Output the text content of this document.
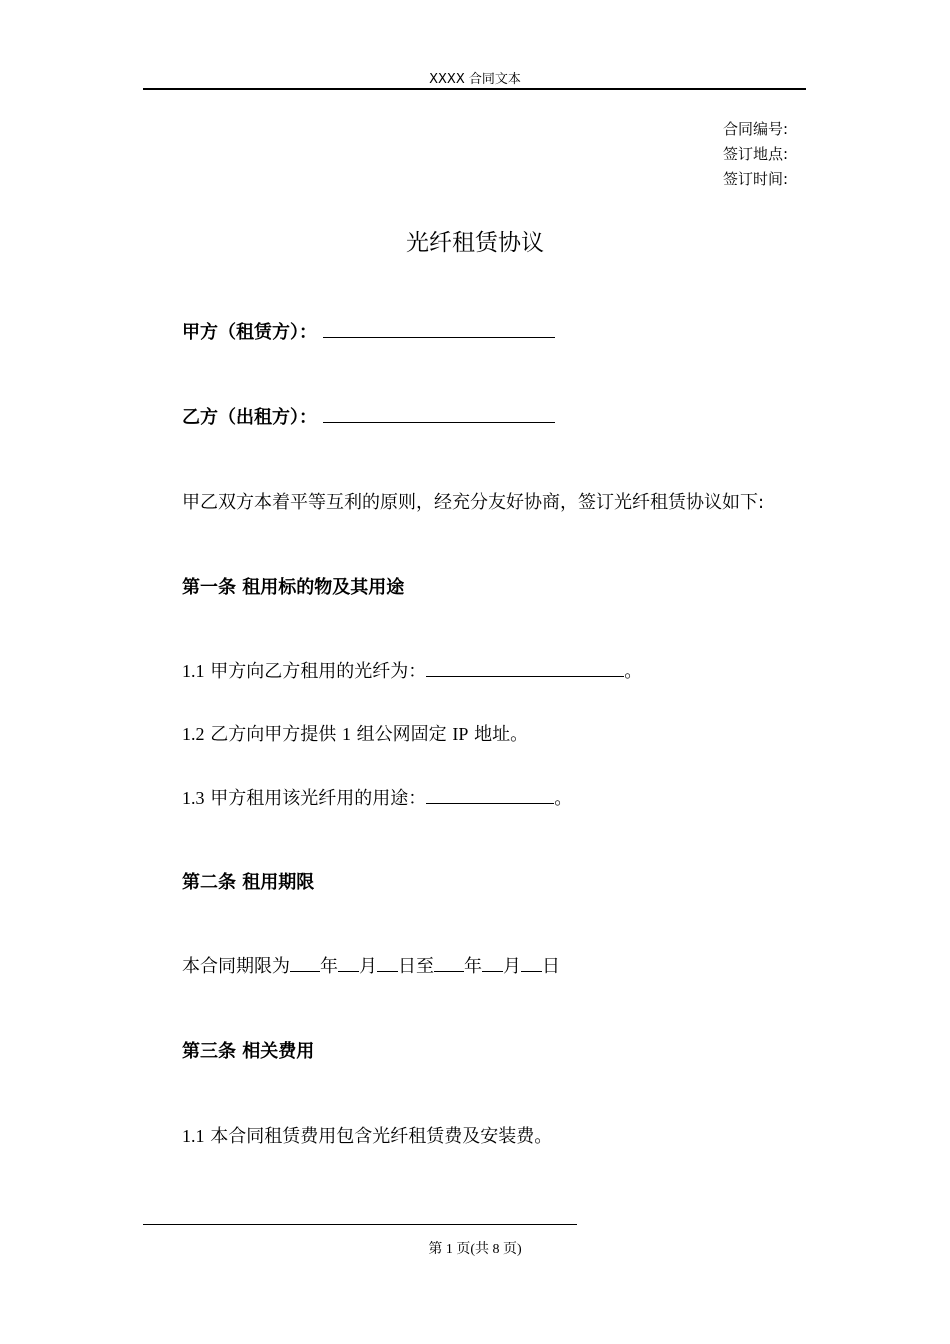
XXXX 合同文本
合同编号:
签订地点:
签订时间:
光纤租赁协议
甲方（租赁方）：
乙方（出租方）：
甲乙双方本着平等互利的原则，经充分友好协商，签订光纤租赁协议如下:
第一条 租用标的物及其用途
1.1 甲方向乙方租用的光纤为：	。
1.2 乙方向甲方提供 1 组公网固定 IP 地址。
1.3 甲方租用该光纤用的用途：	。
第二条 租用期限
本合同期限为 年 月 日至 年 月 日
第三条 相关费用
1.1 本合同租赁费用包含光纤租赁费及安装费。
第 1 页(共 8 页)
